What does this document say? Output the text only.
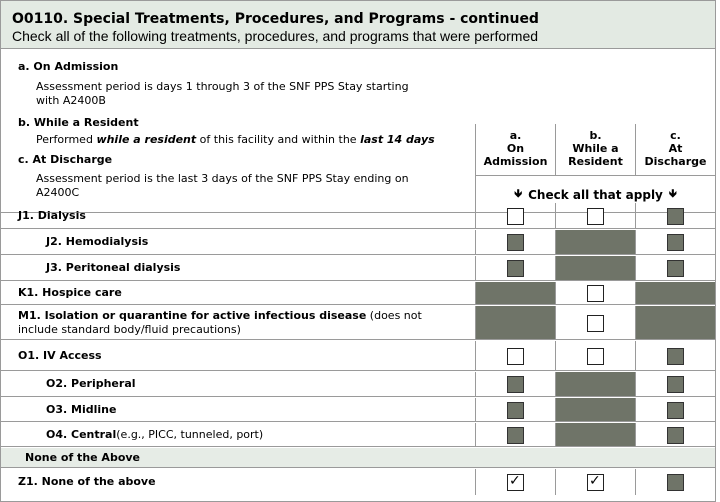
O0110. Special Treatments, Procedures, and Programs - continued
Check all of the following treatments, procedures, and programs that were performed
a. On Admission
Assessment period is days 1 through 3 of the SNF PPS Stay starting
with A2400B
b. While a Resident
Performed while a resident of this facility and within the last 14 days
c. At Discharge
Assessment period is the last 3 days of the SNF PPS Stay ending on
A2400C
a.
On
Admission
b.
While a
Resident
c.
At
Discharge
🡻 Check all that apply 🡻
J1. Dialysis
J2. Hemodialysis
J3. Peritoneal dialysis
K1. Hospice care
M1. Isolation or quarantine for active infectious disease (does not
include standard body/fluid precautions)
O1. IV Access
O2. Peripheral
O3. Midline
O4. Central (e.g., PICC, tunneled, port)
None of the Above
Z1. None of the above	✓	✓
